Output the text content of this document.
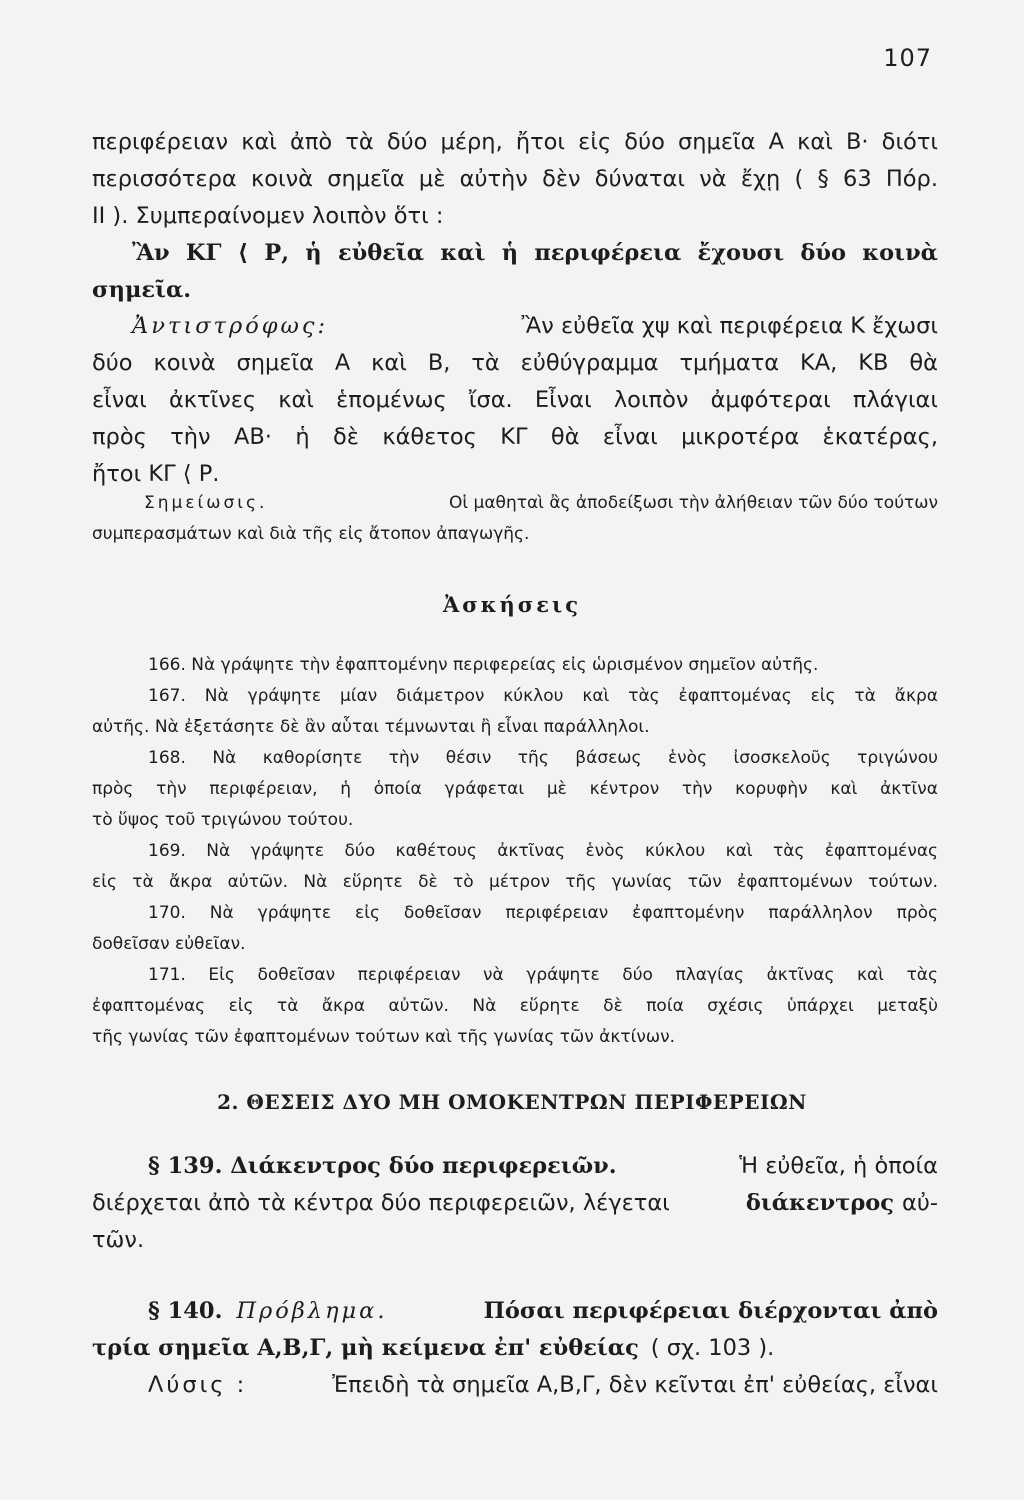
107
περιφέρειαν καὶ ἀπὸ τὰ δύο μέρη, ἤτοι εἰς δύο σημεῖα Α καὶ Β· διότι
περισσότερα κοινὰ σημεῖα μὲ αὐτὴν δὲν δύναται νὰ ἔχῃ ( § 63 Πόρ.
II ). Συμπεραίνομεν λοιπὸν ὅτι :
Ἂν ΚΓ ⟨ Ρ, ἡ εὐθεῖα καὶ ἡ περιφέρεια ἔχουσι δύο κοινὰ
σημεῖα.
Ἀντιστρόφως:	Ἂν εὐθεῖα χψ καὶ περιφέρεια Κ ἔχωσι
δύο κοινὰ σημεῖα Α καὶ Β, τὰ εὐθύγραμμα τμήματα ΚΑ, ΚΒ θὰ
εἶναι ἀκτῖνες καὶ ἑπομένως ἴσα. Εἶναι λοιπὸν ἀμφότεραι πλάγιαι
πρὸς τὴν ΑΒ· ἡ δὲ κάθετος ΚΓ θὰ εἶναι μικροτέρα ἑκατέρας,
ἤτοι ΚΓ ⟨ Ρ.
Σημείωσις.	Οἱ μαθηταὶ ἂς ἀποδείξωσι τὴν ἀλήθειαν τῶν δύο τούτων
συμπερασμάτων καὶ διὰ τῆς εἰς ἄτοπον ἀπαγωγῆς.
Ἀσκήσεις
166. Νὰ γράψητε τὴν ἐφαπτομένην περιφερείας εἰς ὡρισμένον σημεῖον αὐτῆς.
167. Νὰ γράψητε μίαν διάμετρον κύκλου καὶ τὰς ἐφαπτομένας εἰς τὰ ἄκρα
αὐτῆς. Νὰ ἐξετάσητε δὲ ἂν αὗται τέμνωνται ἢ εἶναι παράλληλοι.
168. Νὰ καθορίσητε τὴν θέσιν τῆς βάσεως ἑνὸς ἰσοσκελοῦς τριγώνου
πρὸς τὴν περιφέρειαν, ἡ ὁποία γράφεται μὲ κέντρον τὴν κορυφὴν καὶ ἀκτῖνα
τὸ ὕψος τοῦ τριγώνου τούτου.
169. Νὰ γράψητε δύο καθέτους ἀκτῖνας ἑνὸς κύκλου καὶ τὰς ἐφαπτομένας
εἰς τὰ ἄκρα αὐτῶν. Νὰ εὕρητε δὲ τὸ μέτρον τῆς γωνίας τῶν ἐφαπτομένων τούτων.
170. Νὰ γράψητε εἰς δοθεῖσαν περιφέρειαν ἐφαπτομένην παράλληλον πρὸς
δοθεῖσαν εὐθεῖαν.
171. Εἰς δοθεῖσαν περιφέρειαν νὰ γράψητε δύο πλαγίας ἀκτῖνας καὶ τὰς
ἐφαπτομένας εἰς τὰ ἄκρα αὐτῶν. Νὰ εὕρητε δὲ ποία σχέσις ὑπάρχει μεταξὺ
τῆς γωνίας τῶν ἐφαπτομένων τούτων καὶ τῆς γωνίας τῶν ἀκτίνων.
2. ΘΕΣΕΙΣ ΔΥΟ ΜΗ ΟΜΟΚΕΝΤΡΩΝ ΠΕΡΙΦΕΡΕΙΩΝ
§ 139. Διάκεντρος δύο περιφερειῶν.	Ἡ εὐθεῖα, ἡ ὁποία
διέρχεται ἀπὸ τὰ κέντρα δύο περιφερειῶν, λέγεται	διάκεντρος αὐ-
τῶν.
§ 140. Πρόβλημα.	Πόσαι περιφέρειαι διέρχονται ἀπὸ
τρία σημεῖα Α,Β,Γ, μὴ κείμενα ἐπ' εὐθείας ( σχ. 103 ).
Λύσις :	Ἐπειδὴ τὰ σημεῖα Α,Β,Γ, δὲν κεῖνται ἐπ' εὐθείας, εἶναι
